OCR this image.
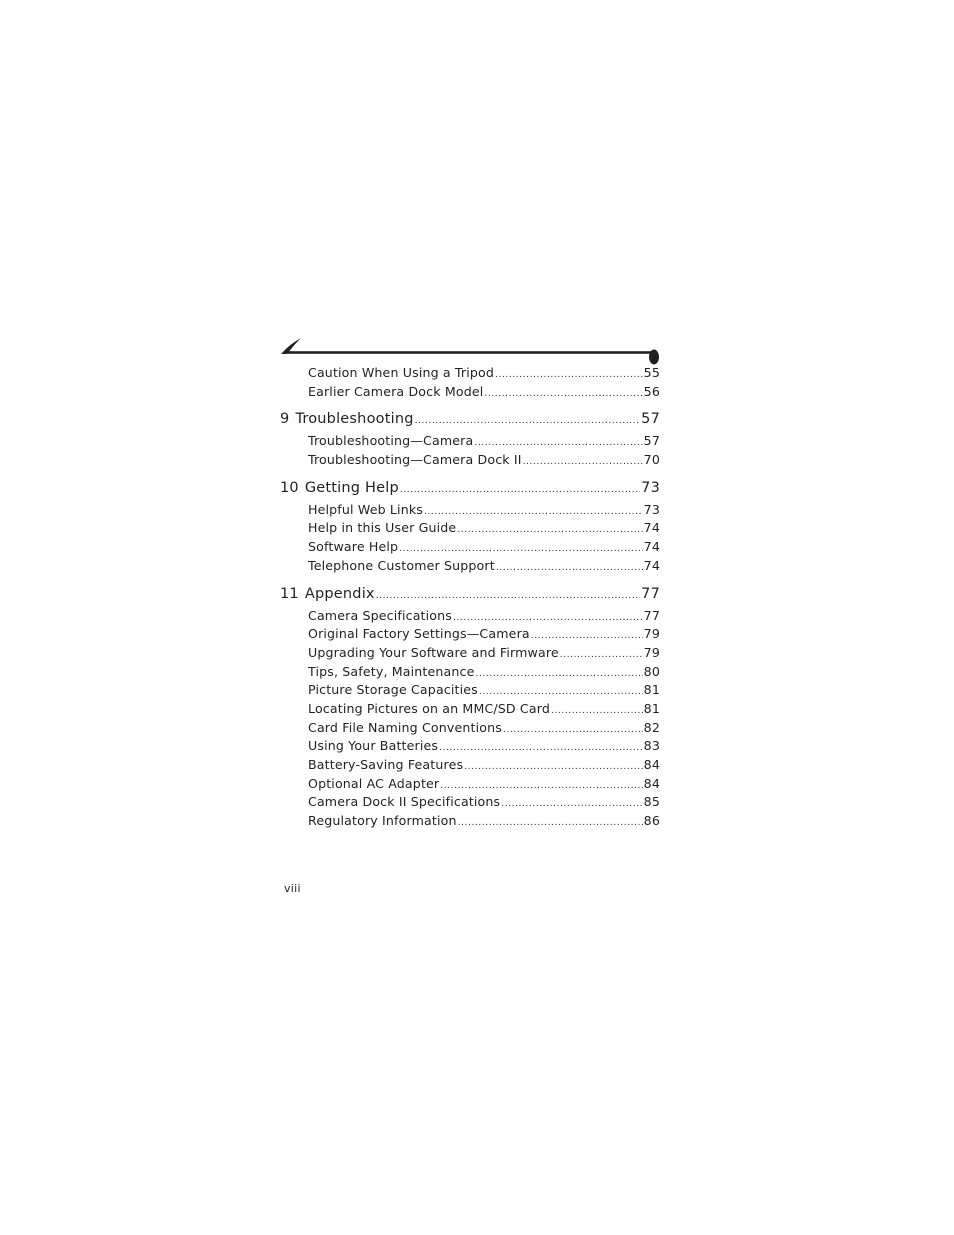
Caution When Using a Tripod .....	55
Earlier Camera Dock Model .....	56
9 Troubleshooting .....	57
Troubleshooting—Camera .....	57
Troubleshooting—Camera Dock II .....	70
10 Getting Help .....	73
Helpful Web Links .....	73
Help in this User Guide .....	74
Software Help .....	74
Telephone Customer Support .....	74
11 Appendix .....	77
Camera Specifications .....	77
Original Factory Settings—Camera .....	79
Upgrading Your Software and Firmware .....	79
Tips, Safety, Maintenance .....	80
Picture Storage Capacities .....	81
Locating Pictures on an MMC/SD Card .....	81
Card File Naming Conventions .....	82
Using Your Batteries .....	83
Battery-Saving Features .....	84
Optional AC Adapter .....	84
Camera Dock II Specifications .....	85
Regulatory Information .....	86
viii
